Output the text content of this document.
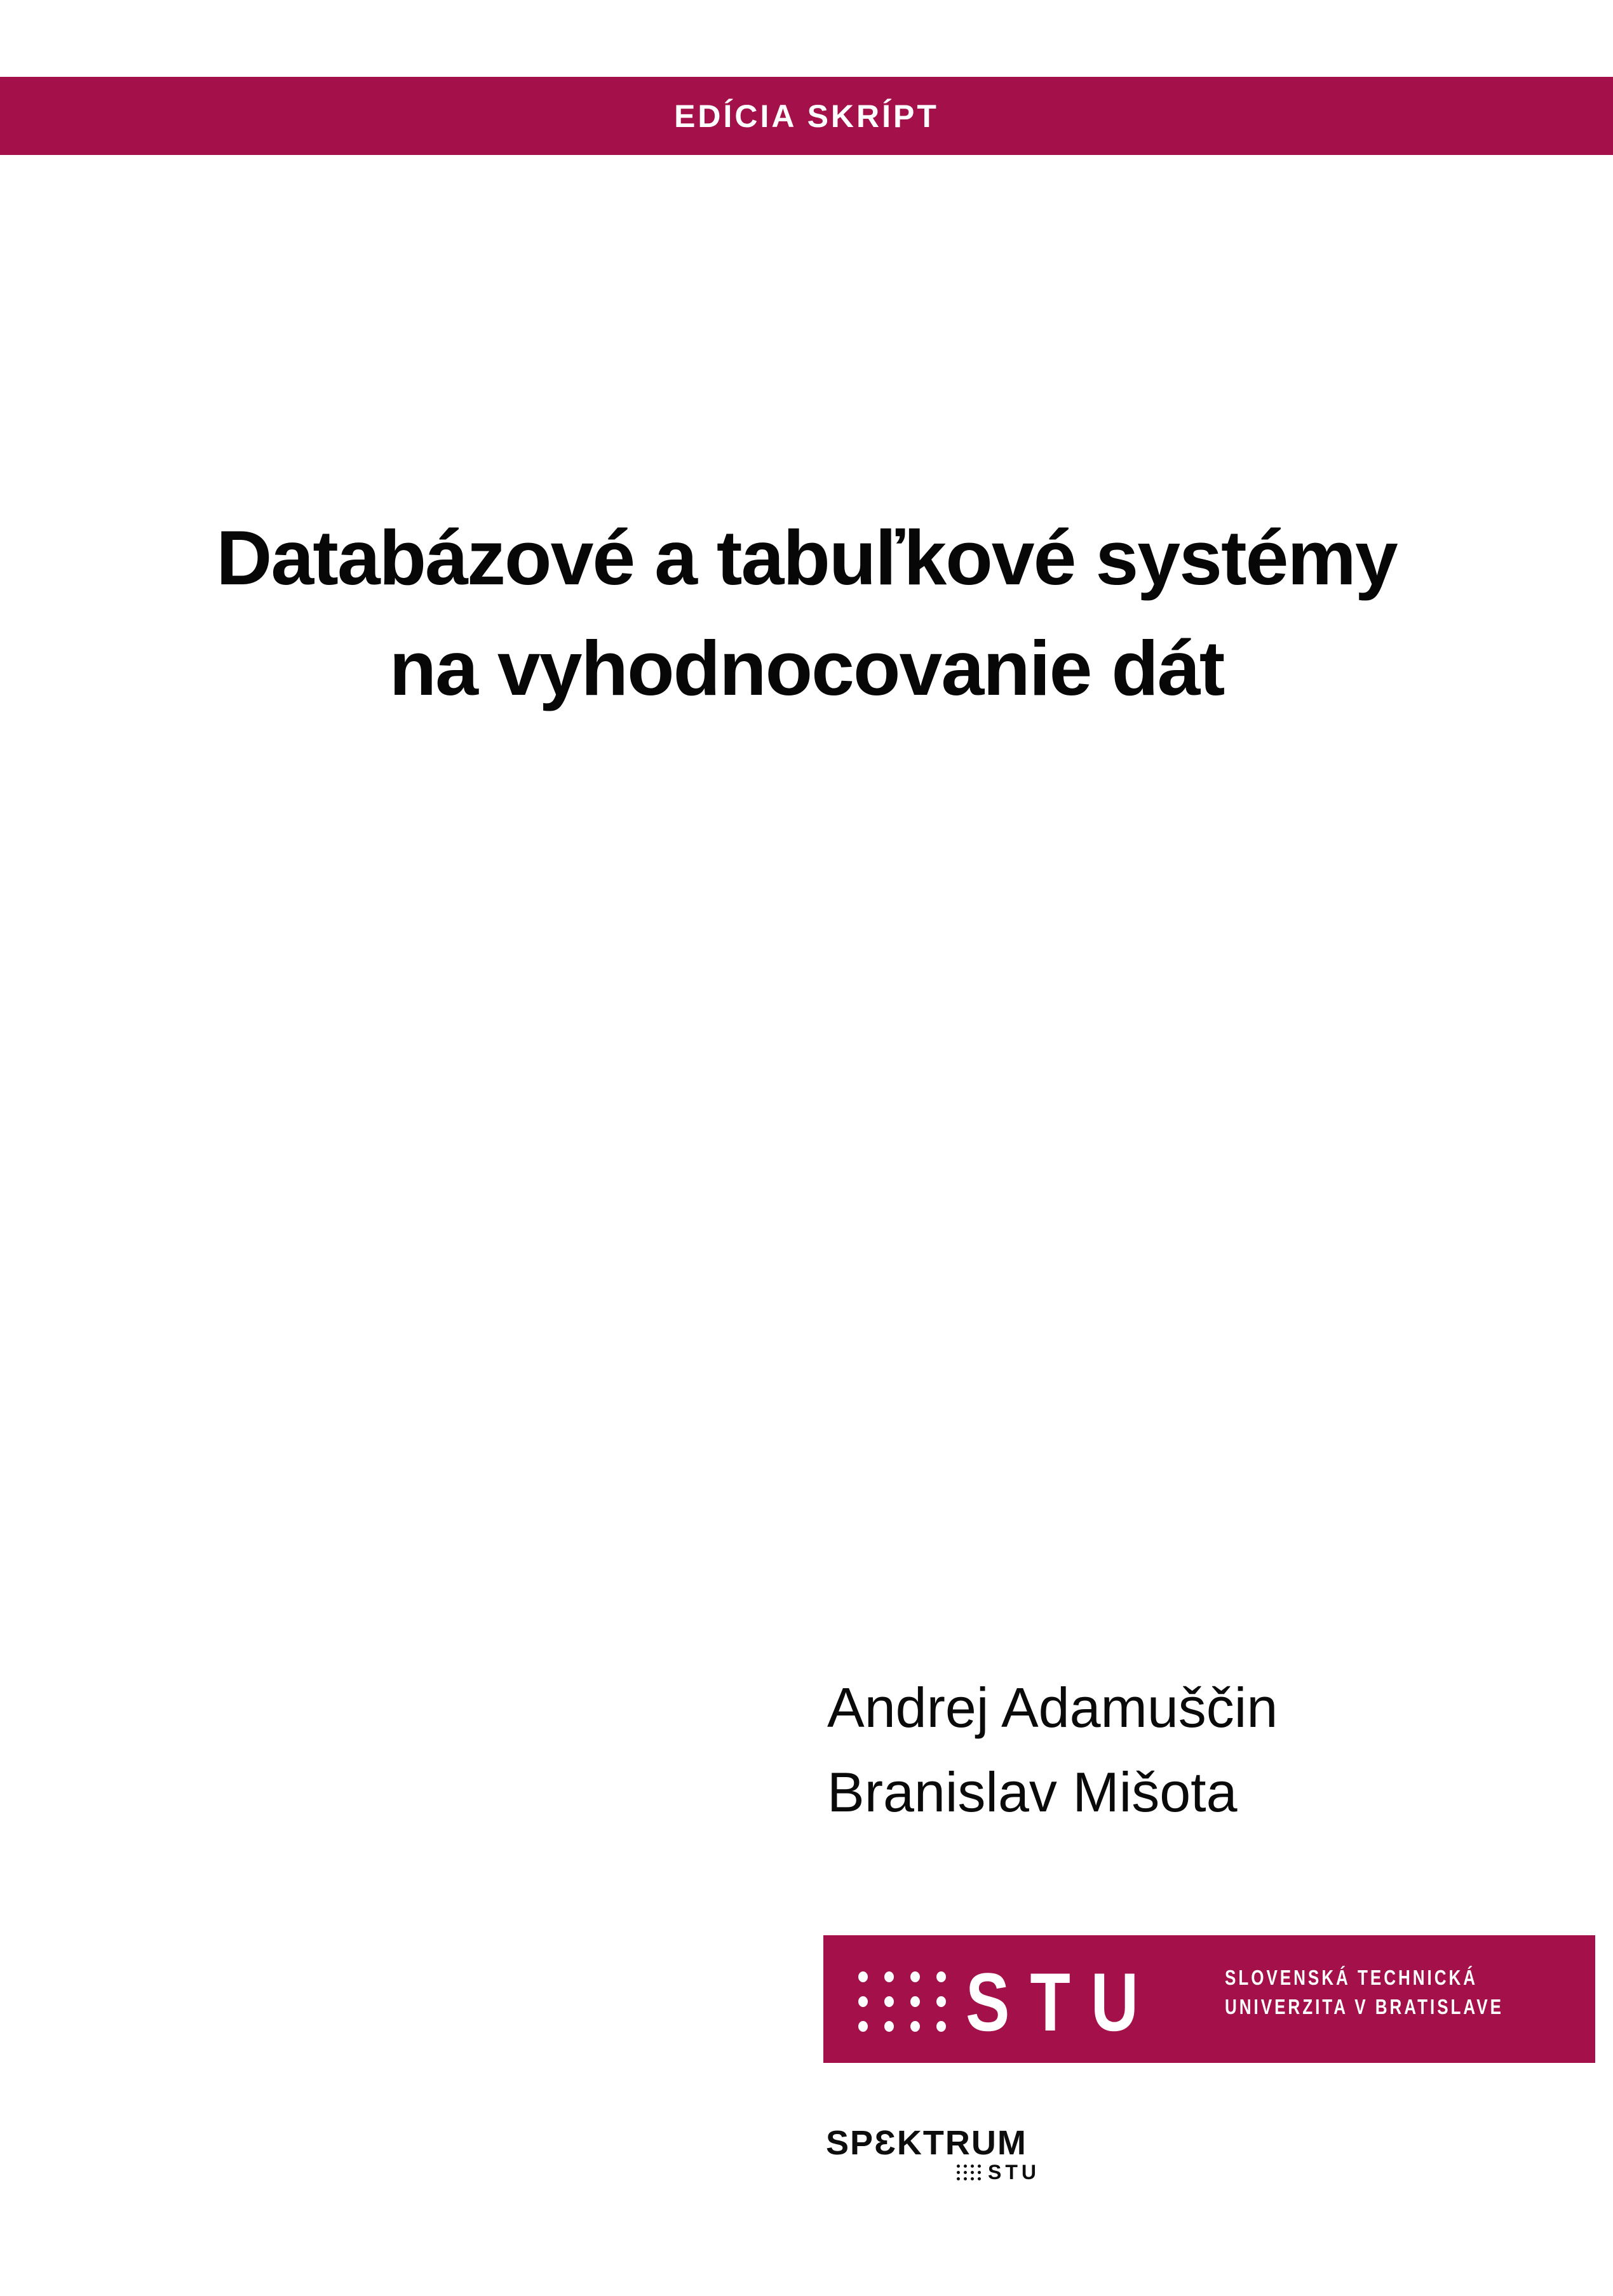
EDÍCIA SKRÍPT
Databázové a tabuľkové systémy
na vyhodnocovanie dát
Andrej Adamuščin
Branislav Mišota
STU	SLOVENSKÁ TECHNICKÁ
UNIVERZITA V BRATISLAVE
SPƐKTRUM
STU
